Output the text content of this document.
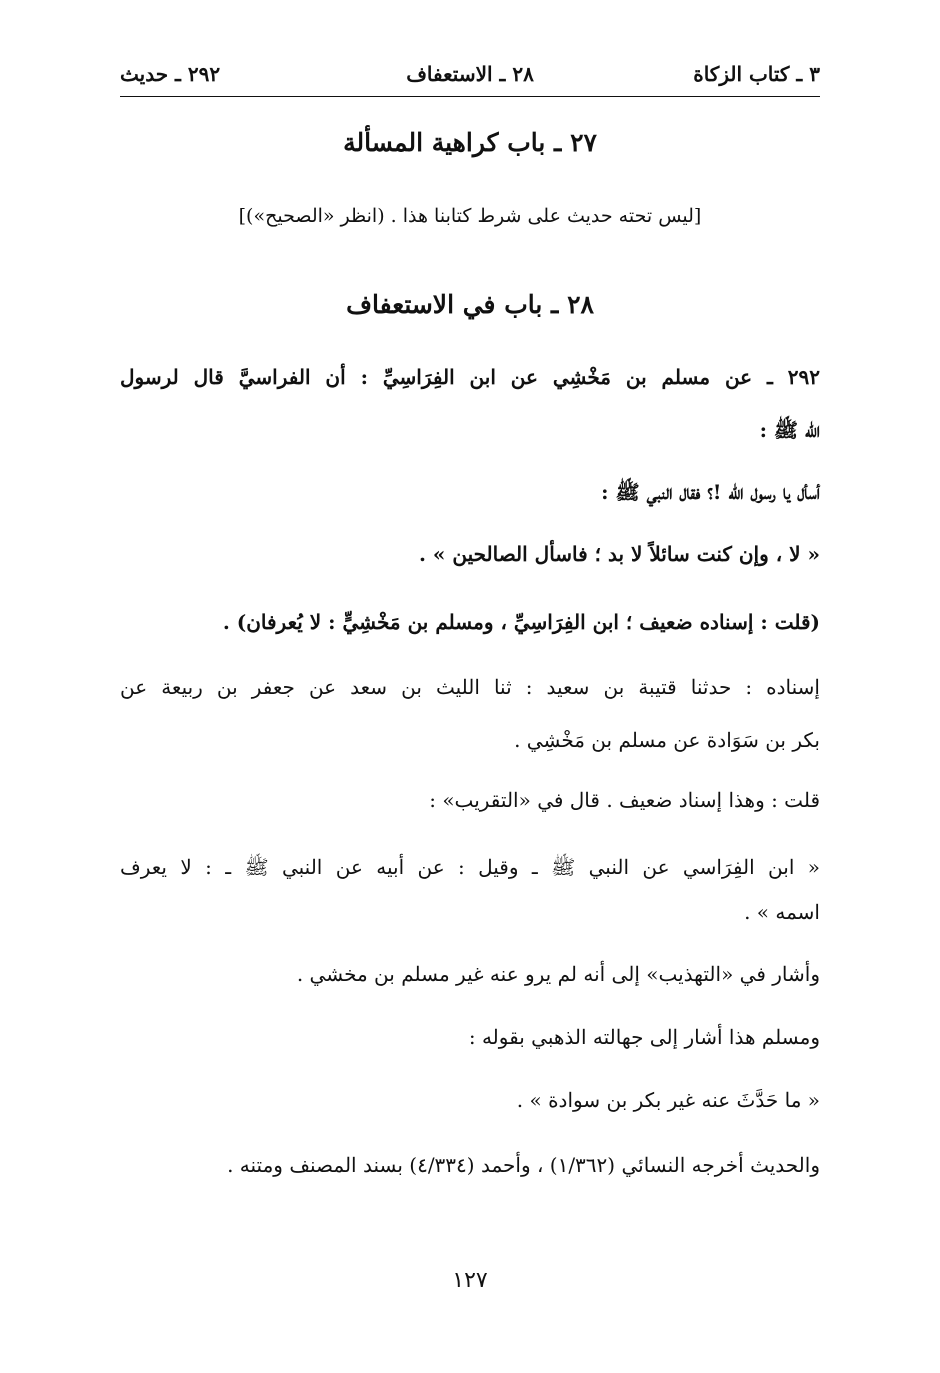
٣ ـ كتاب الزكاة
٢٨ ـ الاستعفاف
٢٩٢ ـ حديث
٢٧ ـ باب كراهية المسألة
[ليس تحته حديث على شرط كتابنا هذا . (انظر «الصحيح»)]
٢٨ ـ باب في الاستعفاف
٢٩٢ ـ عن مسلم بن مَخْشِي عن ابن الفِرَاسِيِّ : أن الفراسيَّ قال لرسول
الله ﷺ :
أسأل يا رسول الله !؟ فقال النبي ﷺ :
« لا ، وإن كنت سائلاً لا بد ؛ فاسأل الصالحين » .
(قلت : إسناده ضعيف ؛ ابن الفِرَاسِيِّ ، ومسلم بن مَخْشِيٍّ : لا يُعرفان) .
إسناده : حدثنا قتيبة بن سعيد : ثنا الليث بن سعد عن جعفر بن ربيعة عن
بكر بن سَوَادة عن مسلم بن مَخْشِي .
قلت : وهذا إسناد ضعيف . قال في «التقريب» :
« ابن الفِرَاسي عن النبي ﷺ ـ وقيل : عن أبيه عن النبي ﷺ ـ : لا يعرف
اسمه » .
وأشار في «التهذيب» إلى أنه لم يرو عنه غير مسلم بن مخشي .
ومسلم هذا أشار إلى جهالته الذهبي بقوله :
« ما حَدَّثَ عنه غير بكر بن سوادة » .
والحديث أخرجه النسائي (١/٣٦٢) ، وأحمد (٤/٣٣٤) بسند المصنف ومتنه .
١٢٧
